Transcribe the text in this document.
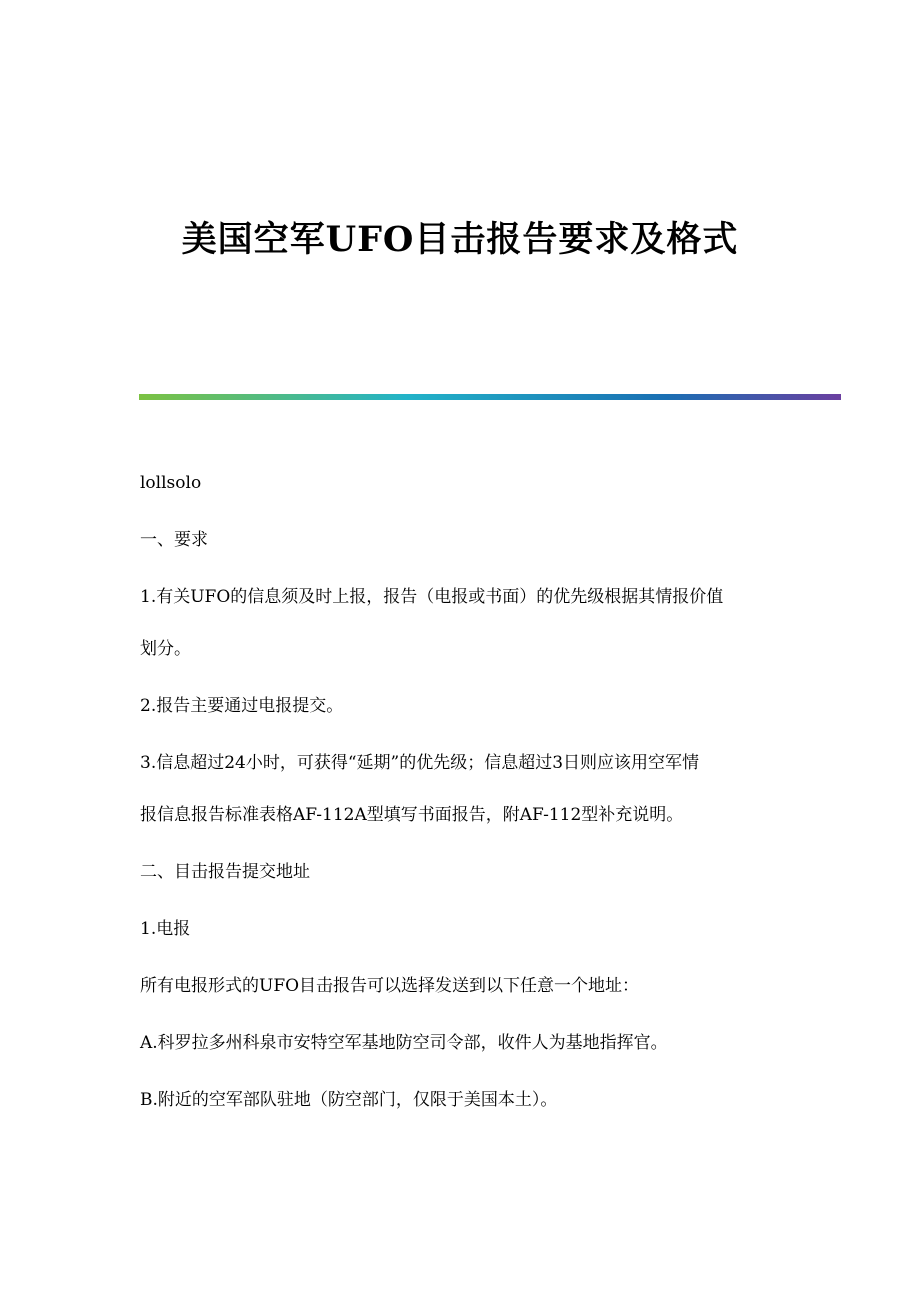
美国空军UFO目击报告要求及格式

lollsolo

一、要求

1.有关UFO的信息须及时上报，报告（电报或书面）的优先级根据其情报价值
划分。

2.报告主要通过电报提交。

3.信息超过24小时，可获得“延期”的优先级；信息超过3日则应该用空军情
报信息报告标准表格AF-112A型填写书面报告，附AF-112型补充说明。

二、目击报告提交地址

1.电报

所有电报形式的UFO目击报告可以选择发送到以下任意一个地址：

A.科罗拉多州科泉市安特空军基地防空司令部，收件人为基地指挥官。

B.附近的空军部队驻地（防空部门，仅限于美国本土）。
